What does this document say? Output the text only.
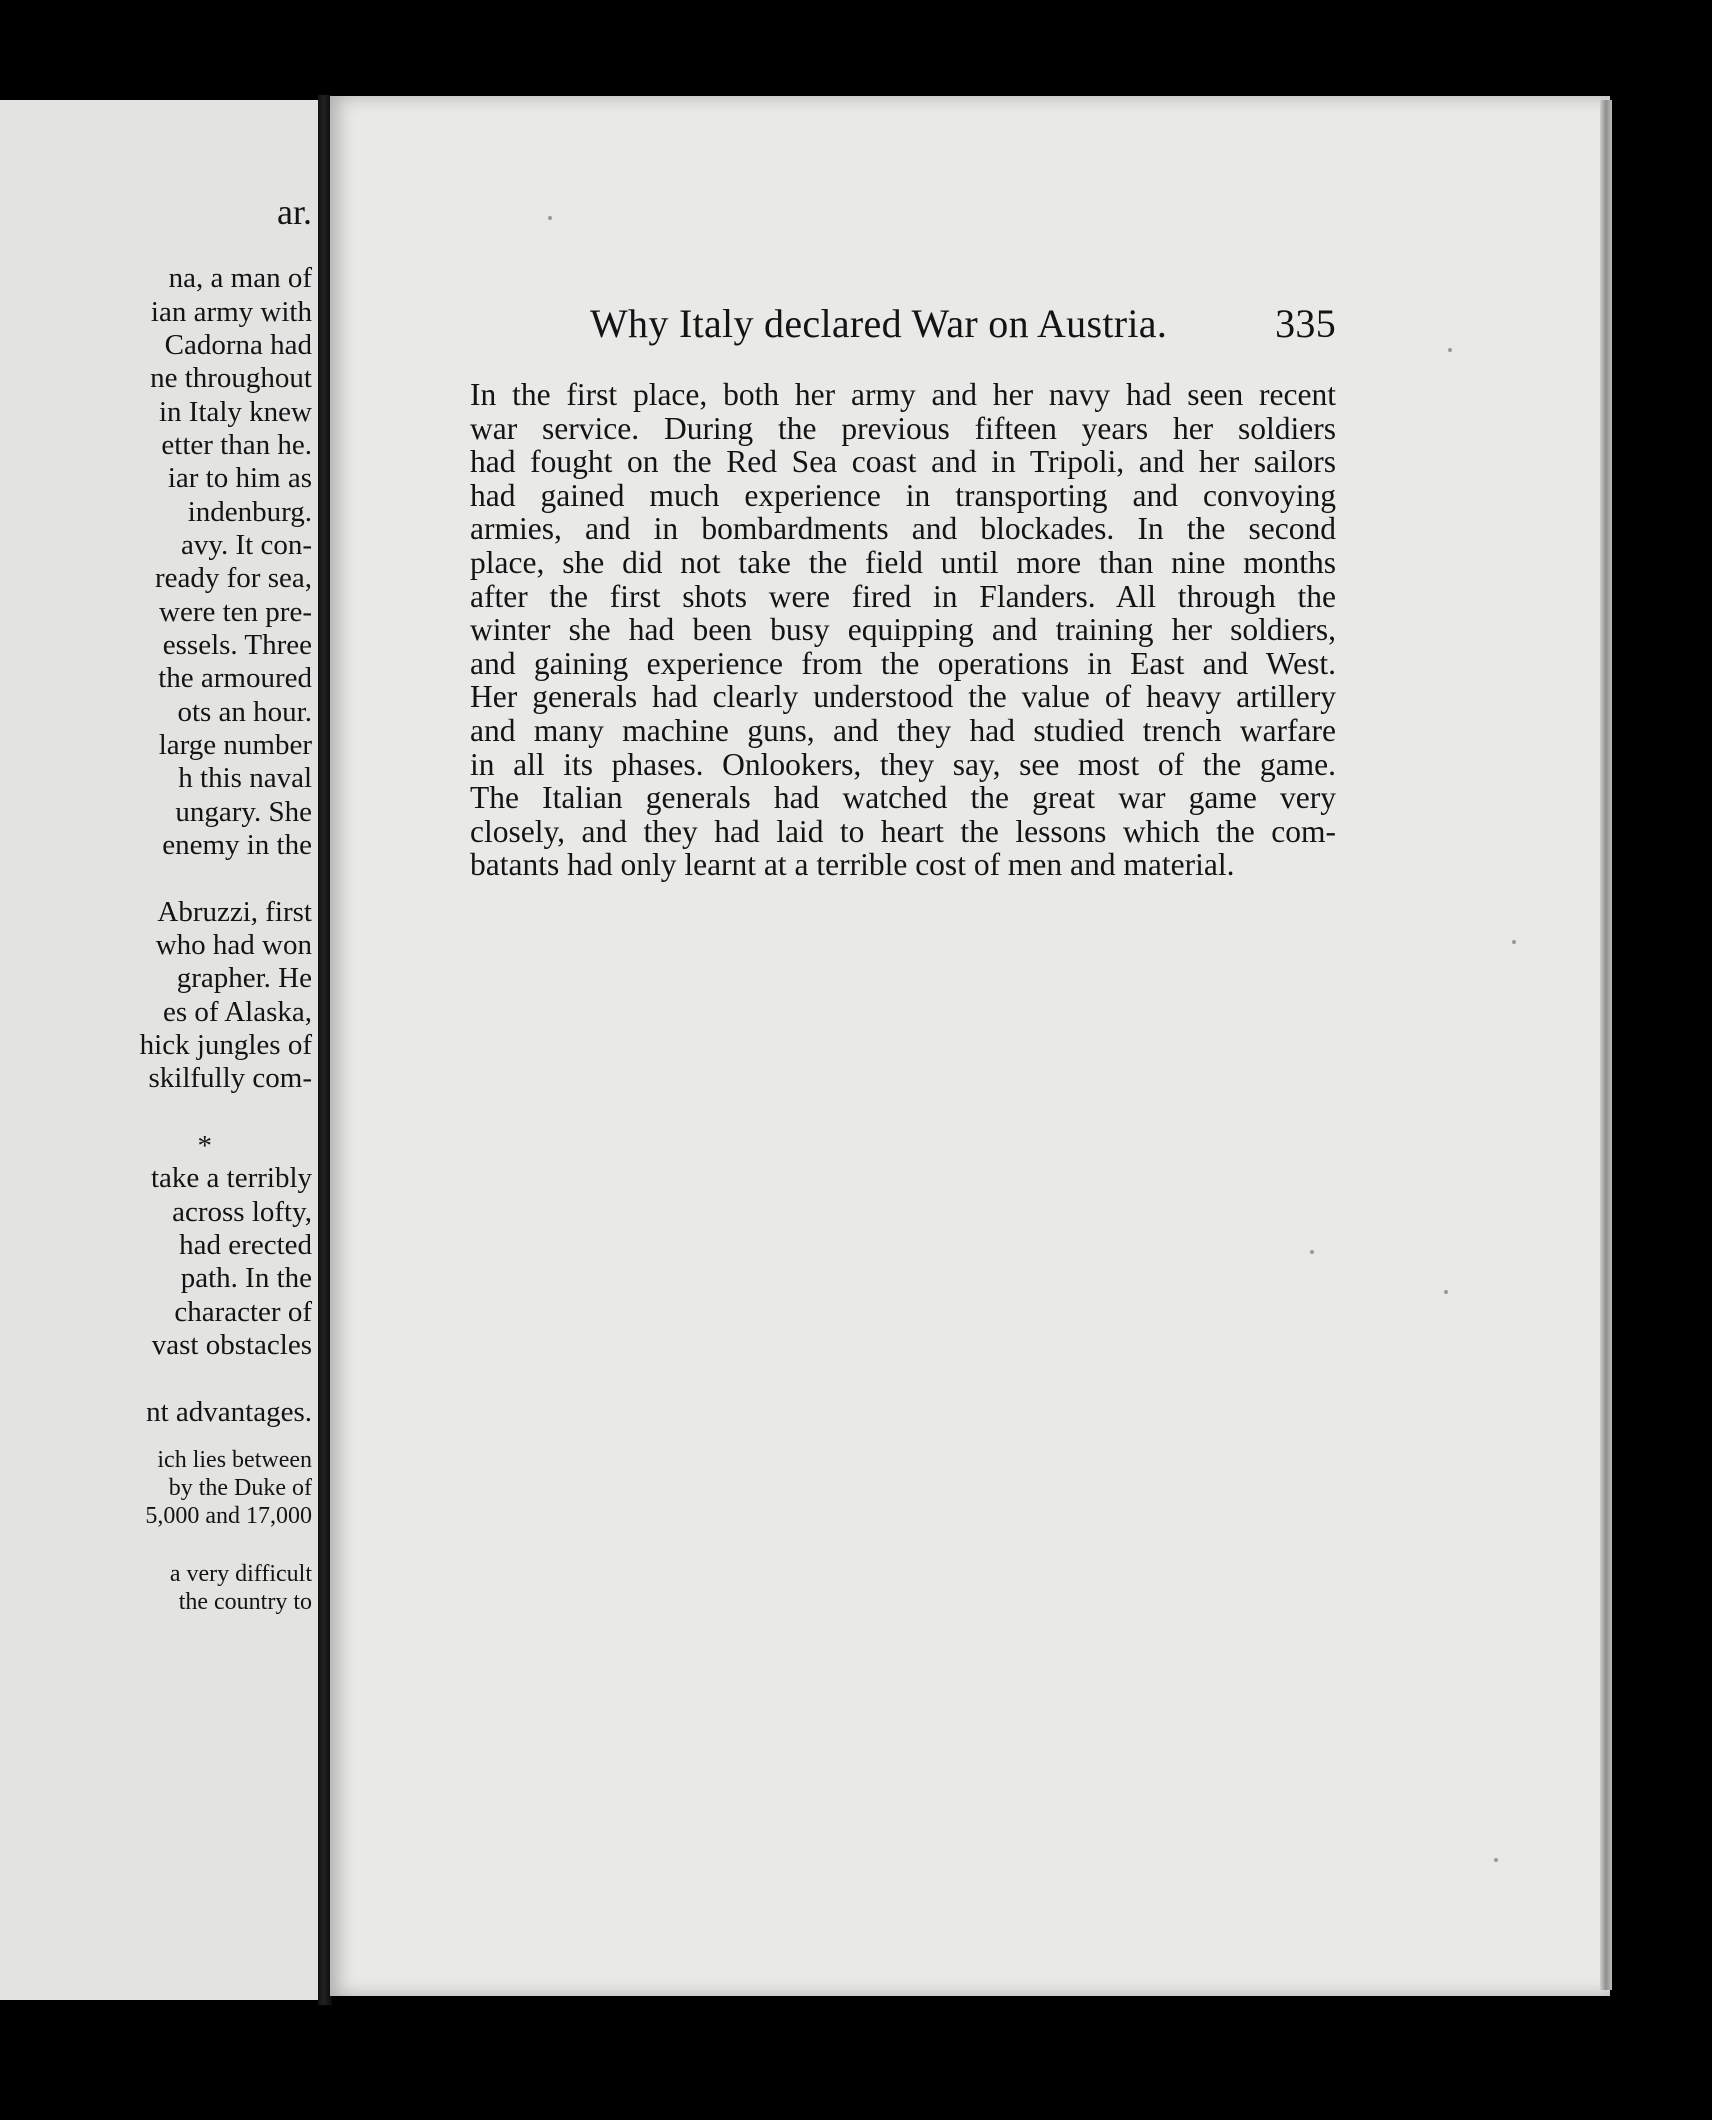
ar.
na, a man of
ian army with
Cadorna had
ne throughout
in Italy knew
etter than he.
iar to him as
indenburg.
avy. It con-
ready for sea,
were ten pre-
essels. Three
the armoured
ots an hour.
large number
h this naval
ungary. She
enemy in the
Abruzzi, first
who had won
grapher. He
es of Alaska,
hick jungles of
skilfully com-
*
take a terribly
across lofty,
had erected
path. In the
character of
vast obstacles
nt advantages.
ich lies between
by the Duke of
5,000 and 17,000
a very difficult
the country to
Why Italy declared War on Austria.	335
In the first place, both her army and her navy had seen recent
war service. During the previous fifteen years her soldiers
had fought on the Red Sea coast and in Tripoli, and her sailors
had gained much experience in transporting and convoying
armies, and in bombardments and blockades. In the second
place, she did not take the field until more than nine months
after the first shots were fired in Flanders. All through the
winter she had been busy equipping and training her soldiers,
and gaining experience from the operations in East and West.
Her generals had clearly understood the value of heavy artillery
and many machine guns, and they had studied trench warfare
in all its phases. Onlookers, they say, see most of the game.
The Italian generals had watched the great war game very
closely, and they had laid to heart the lessons which the com-
batants had only learnt at a terrible cost of men and material.
